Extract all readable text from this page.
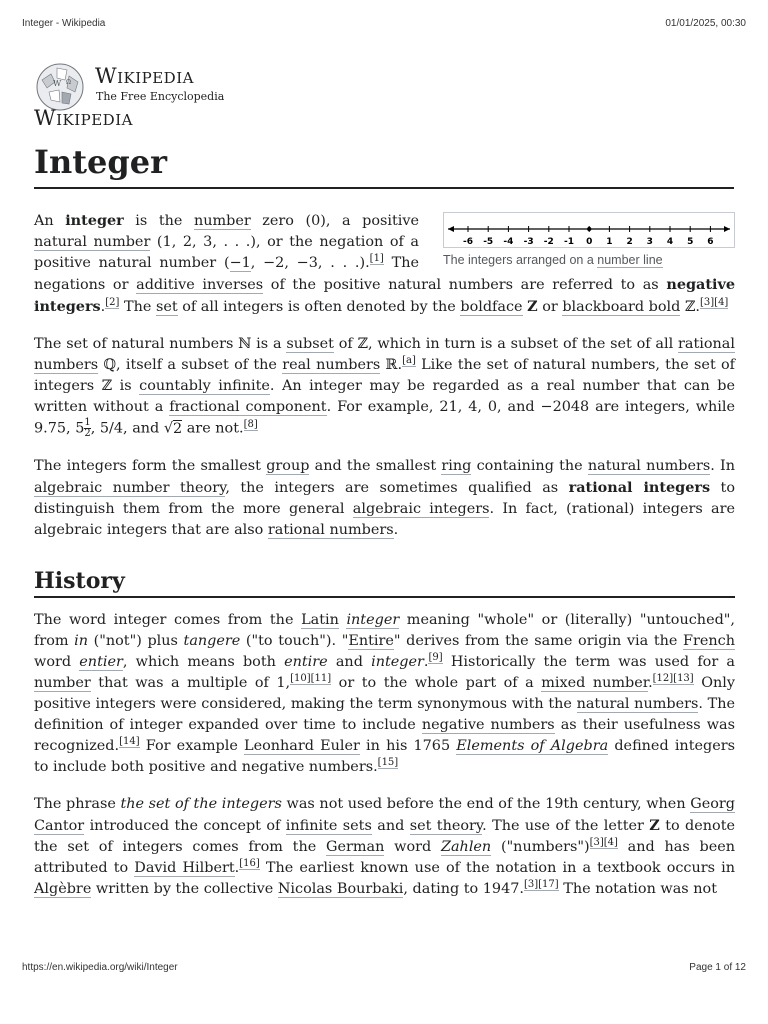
Integer - Wikipedia	01/01/2025, 00:30
W Ω Wikipedia
The Free Encyclopedia
Wikipedia
Integer
-6 -5 -4 -3 -2 -1 0 1 2 3 4 5 6
The integers arranged on a number line

An integer is the number zero (0), a positive natural number (1, 2, 3, . . .), or the negation of a positive natural number (−1, −2, −3, . . .).[1] The negations or additive inverses of the positive natural numbers are referred to as negative integers.[2] The set of all integers is often denoted by the boldface Z or blackboard bold ℤ.[3][4]

The set of natural numbers ℕ is a subset of ℤ, which in turn is a subset of the set of all rational numbers ℚ, itself a subset of the real numbers ℝ.[a] Like the set of natural numbers, the set of integers ℤ is countably infinite. An integer may be regarded as a real number that can be written without a fractional component. For example, 21, 4, 0, and −2048 are integers, while 9.75, $5 \frac{1}{2}$, 5/4, and √2 are not.[8]

The integers form the smallest group and the smallest ring containing the natural numbers. In algebraic number theory, the integers are sometimes qualified as rational integers to distinguish them from the more general algebraic integers. In fact, (rational) integers are algebraic integers that are also rational numbers.

History

The word integer comes from the Latin integer meaning "whole" or (literally) "untouched", from in ("not") plus tangere ("to touch"). "Entire" derives from the same origin via the French word entier, which means both entire and integer.[9] Historically the term was used for a number that was a multiple of 1,[10][11] or to the whole part of a mixed number.[12][13] Only positive integers were considered, making the term synonymous with the natural numbers. The definition of integer expanded over time to include negative numbers as their usefulness was recognized.[14] For example Leonhard Euler in his 1765 Elements of Algebra defined integers to include both positive and negative numbers.[15]

The phrase the set of the integers was not used before the end of the 19th century, when Georg Cantor introduced the concept of infinite sets and set theory. The use of the letter Z to denote the set of integers comes from the German word Zahlen ("numbers")[3][4] and has been attributed to David Hilbert.[16] The earliest known use of the notation in a textbook occurs in Algèbre written by the collective Nicolas Bourbaki, dating to 1947.[3][17] The notation was not

https://en.wikipedia.org/wiki/Integer	Page 1 of 12
